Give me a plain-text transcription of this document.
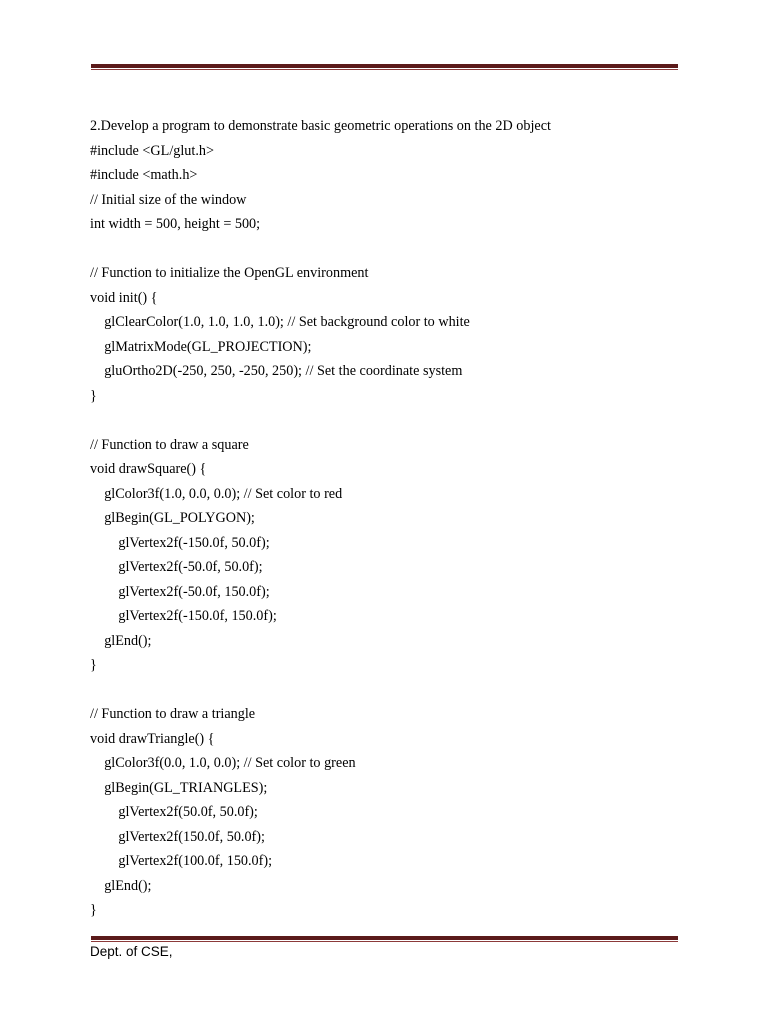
2.Develop a program to demonstrate basic geometric operations on the 2D object
#include <GL/glut.h>
#include <math.h>
// Initial size of the window
int width = 500, height = 500;
// Function to initialize the OpenGL environment
void init() {
glClearColor(1.0, 1.0, 1.0, 1.0); // Set background color to white
glMatrixMode(GL_PROJECTION);
gluOrtho2D(-250, 250, -250, 250); // Set the coordinate system
}
// Function to draw a square
void drawSquare() {
glColor3f(1.0, 0.0, 0.0); // Set color to red
glBegin(GL_POLYGON);
glVertex2f(-150.0f, 50.0f);
glVertex2f(-50.0f, 50.0f);
glVertex2f(-50.0f, 150.0f);
glVertex2f(-150.0f, 150.0f);
glEnd();
}
// Function to draw a triangle
void drawTriangle() {
glColor3f(0.0, 1.0, 0.0); // Set color to green
glBegin(GL_TRIANGLES);
glVertex2f(50.0f, 50.0f);
glVertex2f(150.0f, 50.0f);
glVertex2f(100.0f, 150.0f);
glEnd();
}
Dept. of CSE,
